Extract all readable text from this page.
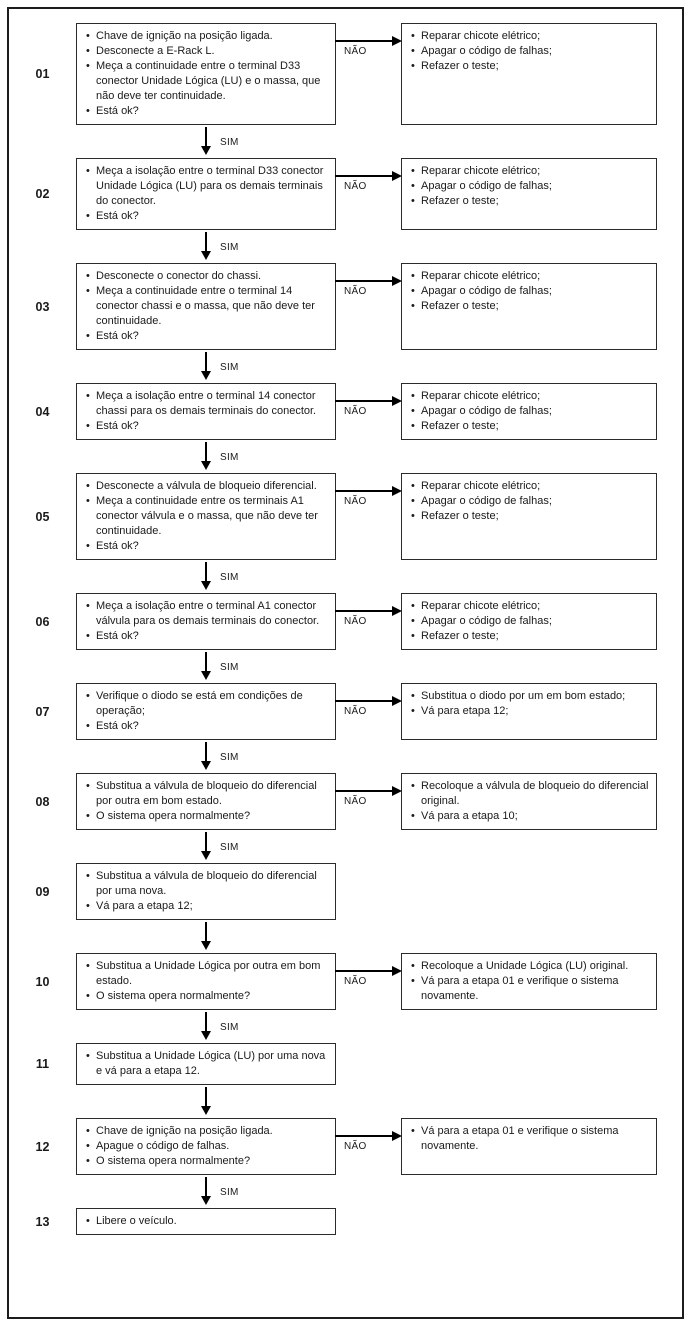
01
• Chave de ignição na posição ligada.
• Desconecte a E-Rack L.
• Meça a continuidade entre o terminal D33 conector Unidade Lógica (LU) e o massa, que não deve ter continuidade.
• Está ok?
NÃO
• Reparar chicote elétrico;
• Apagar o código de falhas;
• Refazer o teste;
SIM
02
• Meça a isolação entre o terminal D33 conector Unidade Lógica (LU) para os demais terminais do conector.
• Está ok?
NÃO
• Reparar chicote elétrico;
• Apagar o código de falhas;
• Refazer o teste;
SIM
03
• Desconecte o conector do chassi.
• Meça a continuidade entre o terminal 14 conector chassi e o massa, que não deve ter continuidade.
• Está ok?
NÃO
• Reparar chicote elétrico;
• Apagar o código de falhas;
• Refazer o teste;
SIM
04
• Meça a isolação entre o terminal 14 conector chassi para os demais terminais do conector.
• Está ok?
NÃO
• Reparar chicote elétrico;
• Apagar o código de falhas;
• Refazer o teste;
SIM
05
• Desconecte a válvula de bloqueio diferencial.
• Meça a continuidade entre os terminais A1 conector válvula e o massa, que não deve ter continuidade.
• Está ok?
NÃO
• Reparar chicote elétrico;
• Apagar o código de falhas;
• Refazer o teste;
SIM
06
• Meça a isolação entre o terminal A1 conector válvula para os demais terminais do conector.
• Está ok?
NÃO
• Reparar chicote elétrico;
• Apagar o código de falhas;
• Refazer o teste;
SIM
07
• Verifique o diodo se está em condições de operação;
• Está ok?
NÃO
• Substitua o diodo por um em bom estado;
• Vá para etapa 12;
SIM
08
• Substitua a válvula de bloqueio do diferencial por outra em bom estado.
• O sistema opera normalmente?
NÃO
• Recoloque a válvula de bloqueio do diferencial original.
• Vá para a etapa 10;
SIM
09
• Substitua a válvula de bloqueio do diferencial por uma nova.
• Vá para a etapa 12;
10
• Substitua a Unidade Lógica por outra em bom estado.
• O sistema opera normalmente?
NÃO
• Recoloque a Unidade Lógica (LU) original.
• Vá para a etapa 01 e verifique o sistema novamente.
SIM
11
• Substitua a Unidade Lógica (LU) por uma nova e vá para a etapa 12.
12
• Chave de ignição na posição ligada.
• Apague o código de falhas.
• O sistema opera normalmente?
NÃO
• Vá para a etapa 01 e verifique o sistema novamente.
SIM
13	• Libere o veículo.
